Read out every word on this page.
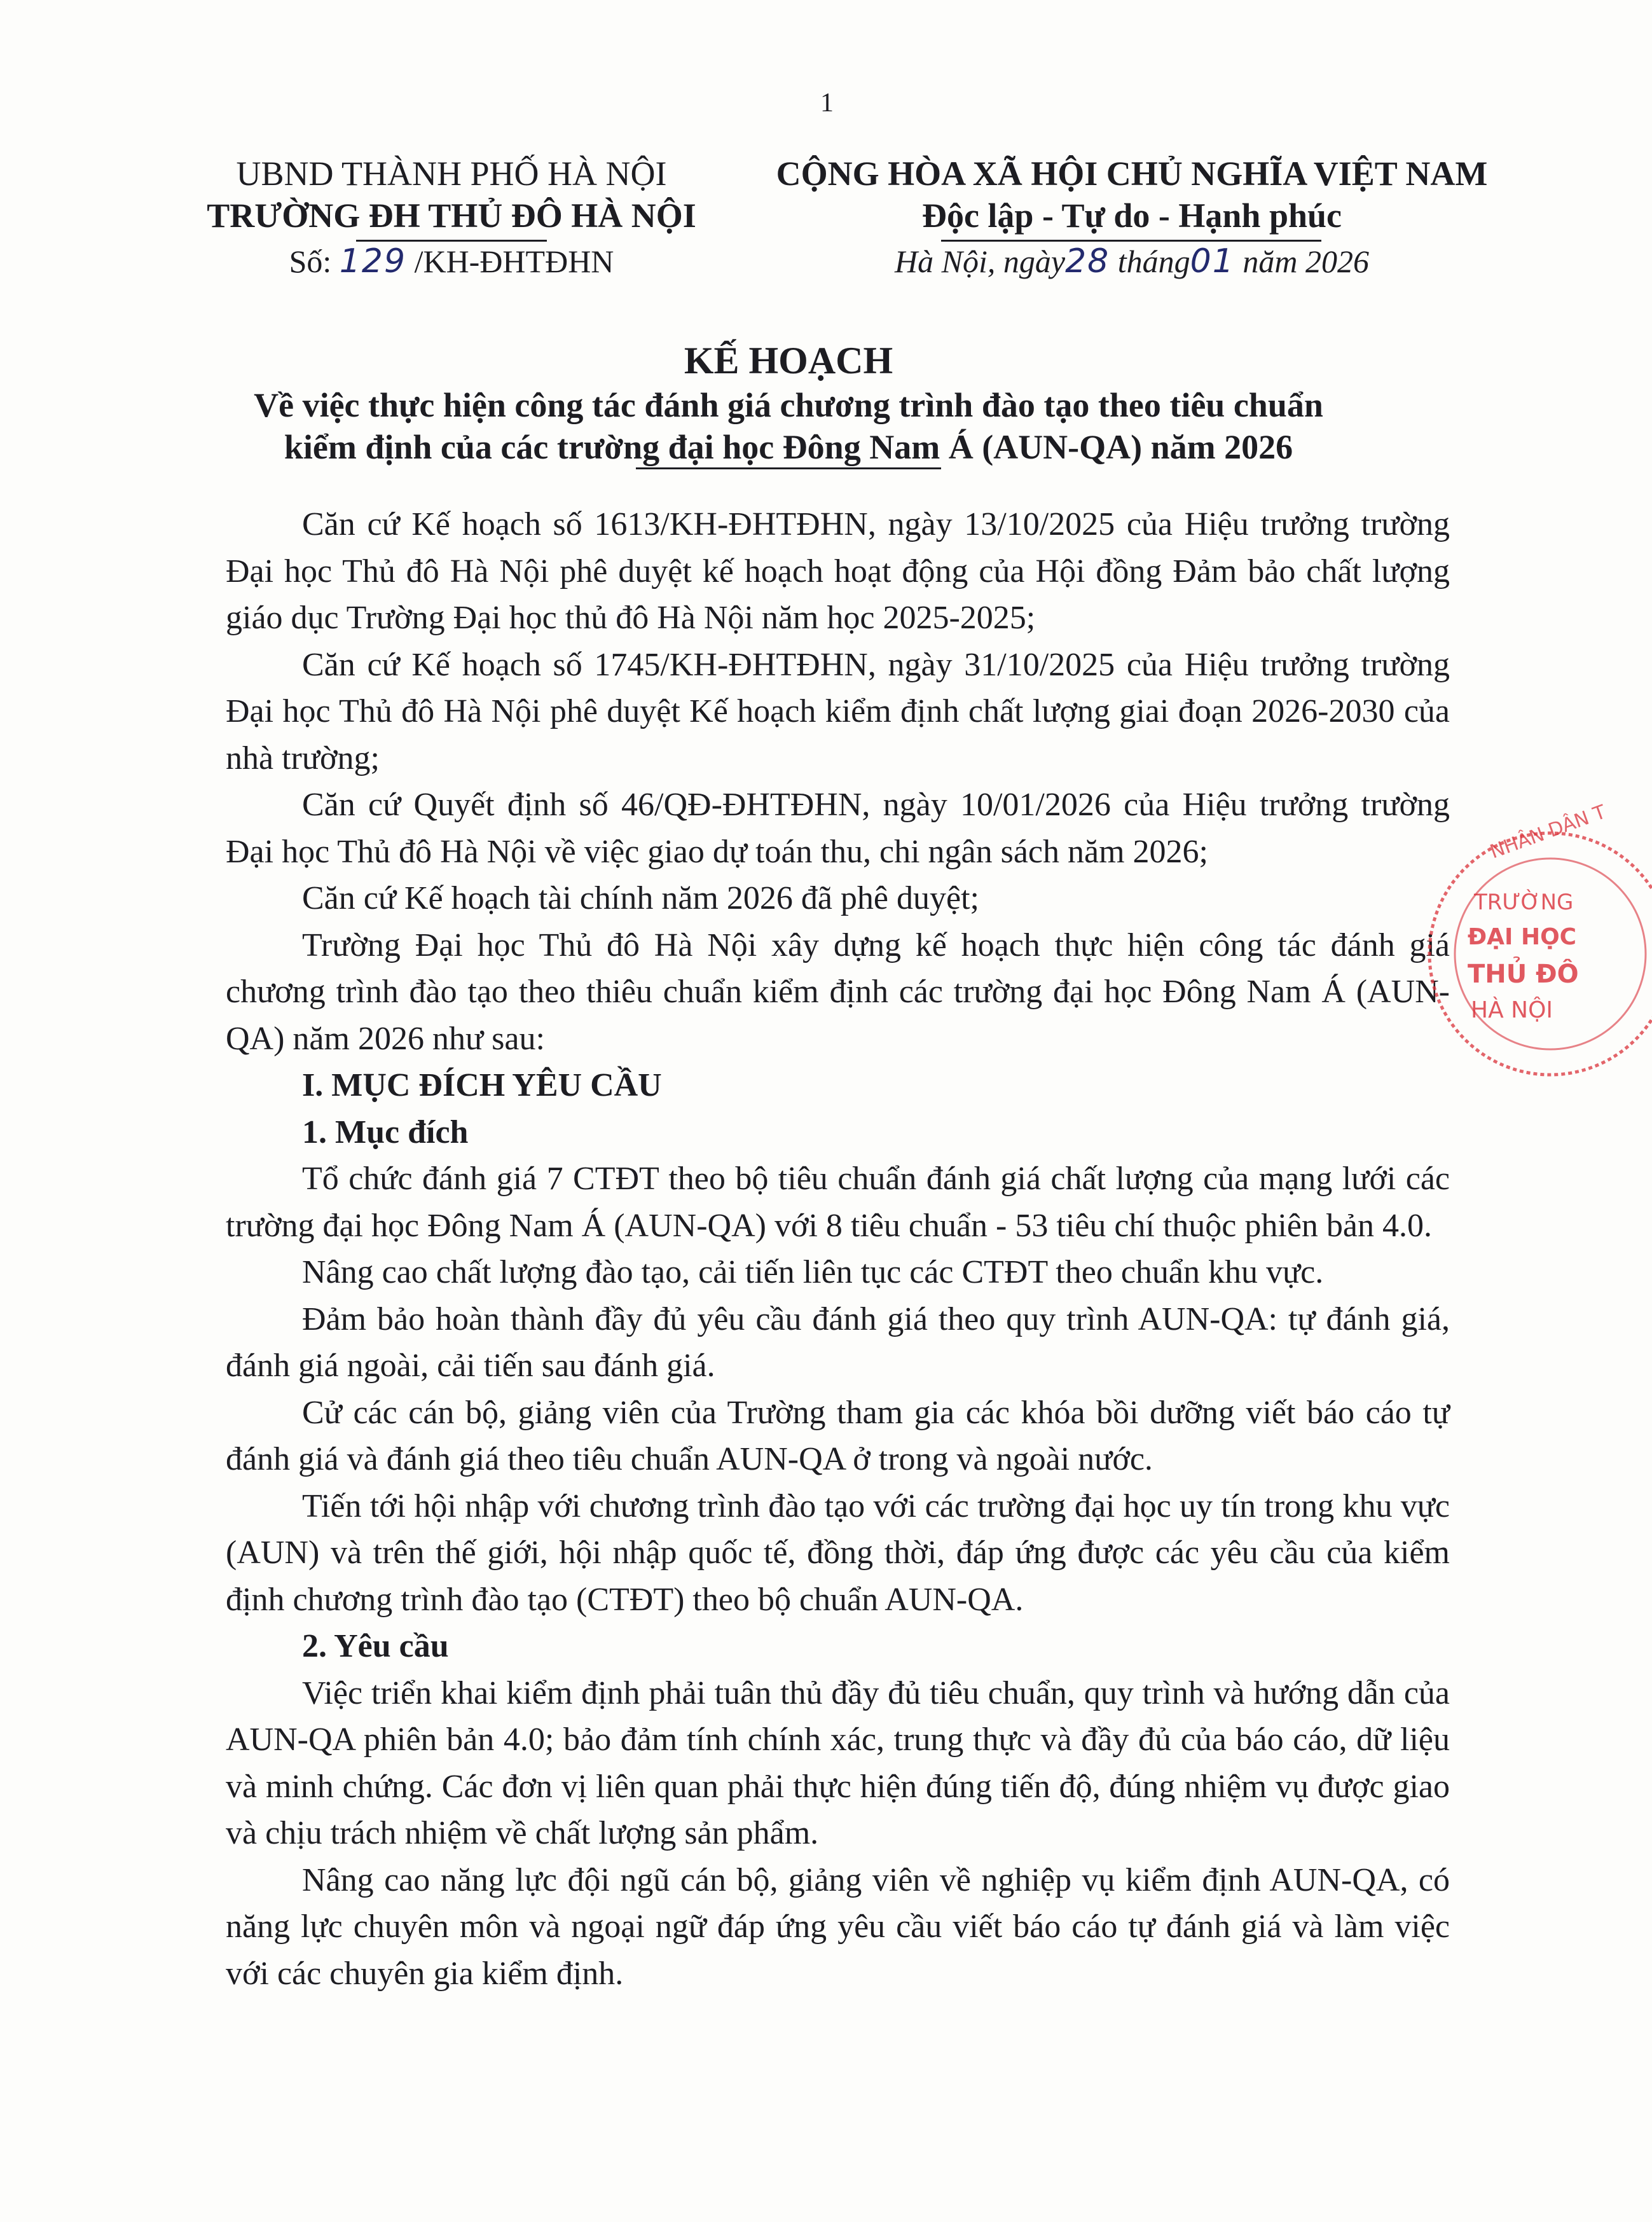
1
UBND THÀNH PHỐ HÀ NỘI
TRƯỜNG ĐH THỦ ĐÔ HÀ NỘI
Số: 129 /KH-ĐHTĐHN
CỘNG HÒA XÃ HỘI CHỦ NGHĨA VIỆT NAM
Độc lập - Tự do - Hạnh phúc
Hà Nội, ngày28 tháng01 năm 2026
KẾ HOẠCH
Về việc thực hiện công tác đánh giá chương trình đào tạo theo tiêu chuẩn
kiểm định của các trường đại học Đông Nam Á (AUN-QA) năm 2026

Căn cứ Kế hoạch số 1613/KH-ĐHTĐHN, ngày 13/10/2025 của Hiệu trưởng trường Đại học Thủ đô Hà Nội phê duyệt kế hoạch hoạt động của Hội đồng Đảm bảo chất lượng giáo dục Trường Đại học thủ đô Hà Nội năm học 2025-2025;

Căn cứ Kế hoạch số 1745/KH-ĐHTĐHN, ngày 31/10/2025 của Hiệu trưởng trường Đại học Thủ đô Hà Nội phê duyệt Kế hoạch kiểm định chất lượng giai đoạn 2026-2030 của nhà trường;

Căn cứ Quyết định số 46/QĐ-ĐHTĐHN, ngày 10/01/2026 của Hiệu trưởng trường Đại học Thủ đô Hà Nội về việc giao dự toán thu, chi ngân sách năm 2026;

Căn cứ Kế hoạch tài chính năm 2026 đã phê duyệt;

Trường Đại học Thủ đô Hà Nội xây dựng kế hoạch thực hiện công tác đánh giá chương trình đào tạo theo thiêu chuẩn kiểm định các trường đại học Đông Nam Á (AUN-QA) năm 2026 như sau:

I. MỤC ĐÍCH YÊU CẦU

1. Mục đích

Tổ chức đánh giá 7 CTĐT theo bộ tiêu chuẩn đánh giá chất lượng của mạng lưới các trường đại học Đông Nam Á (AUN-QA) với 8 tiêu chuẩn - 53 tiêu chí thuộc phiên bản 4.0.

Nâng cao chất lượng đào tạo, cải tiến liên tục các CTĐT theo chuẩn khu vực.

Đảm bảo hoàn thành đầy đủ yêu cầu đánh giá theo quy trình AUN-QA: tự đánh giá, đánh giá ngoài, cải tiến sau đánh giá.

Cử các cán bộ, giảng viên của Trường tham gia các khóa bồi dưỡng viết báo cáo tự đánh giá và đánh giá theo tiêu chuẩn AUN-QA ở trong và ngoài nước.

Tiến tới hội nhập với chương trình đào tạo với các trường đại học uy tín trong khu vực (AUN) và trên thế giới, hội nhập quốc tế, đồng thời, đáp ứng được các yêu cầu của kiểm định chương trình đào tạo (CTĐT) theo bộ chuẩn AUN-QA.

2. Yêu cầu

Việc triển khai kiểm định phải tuân thủ đầy đủ tiêu chuẩn, quy trình và hướng dẫn của AUN-QA phiên bản 4.0; bảo đảm tính chính xác, trung thực và đầy đủ của báo cáo, dữ liệu và minh chứng. Các đơn vị liên quan phải thực hiện đúng tiến độ, đúng nhiệm vụ được giao và chịu trách nhiệm về chất lượng sản phẩm.

Nâng cao năng lực đội ngũ cán bộ, giảng viên về nghiệp vụ kiểm định AUN-QA, có năng lực chuyên môn và ngoại ngữ đáp ứng yêu cầu viết báo cáo tự đánh giá và làm việc với các chuyên gia kiểm định.

NHÂN DÂN T
TRƯỜNG
ĐẠI HỌC
THỦ ĐÔ
HÀ NỘI
